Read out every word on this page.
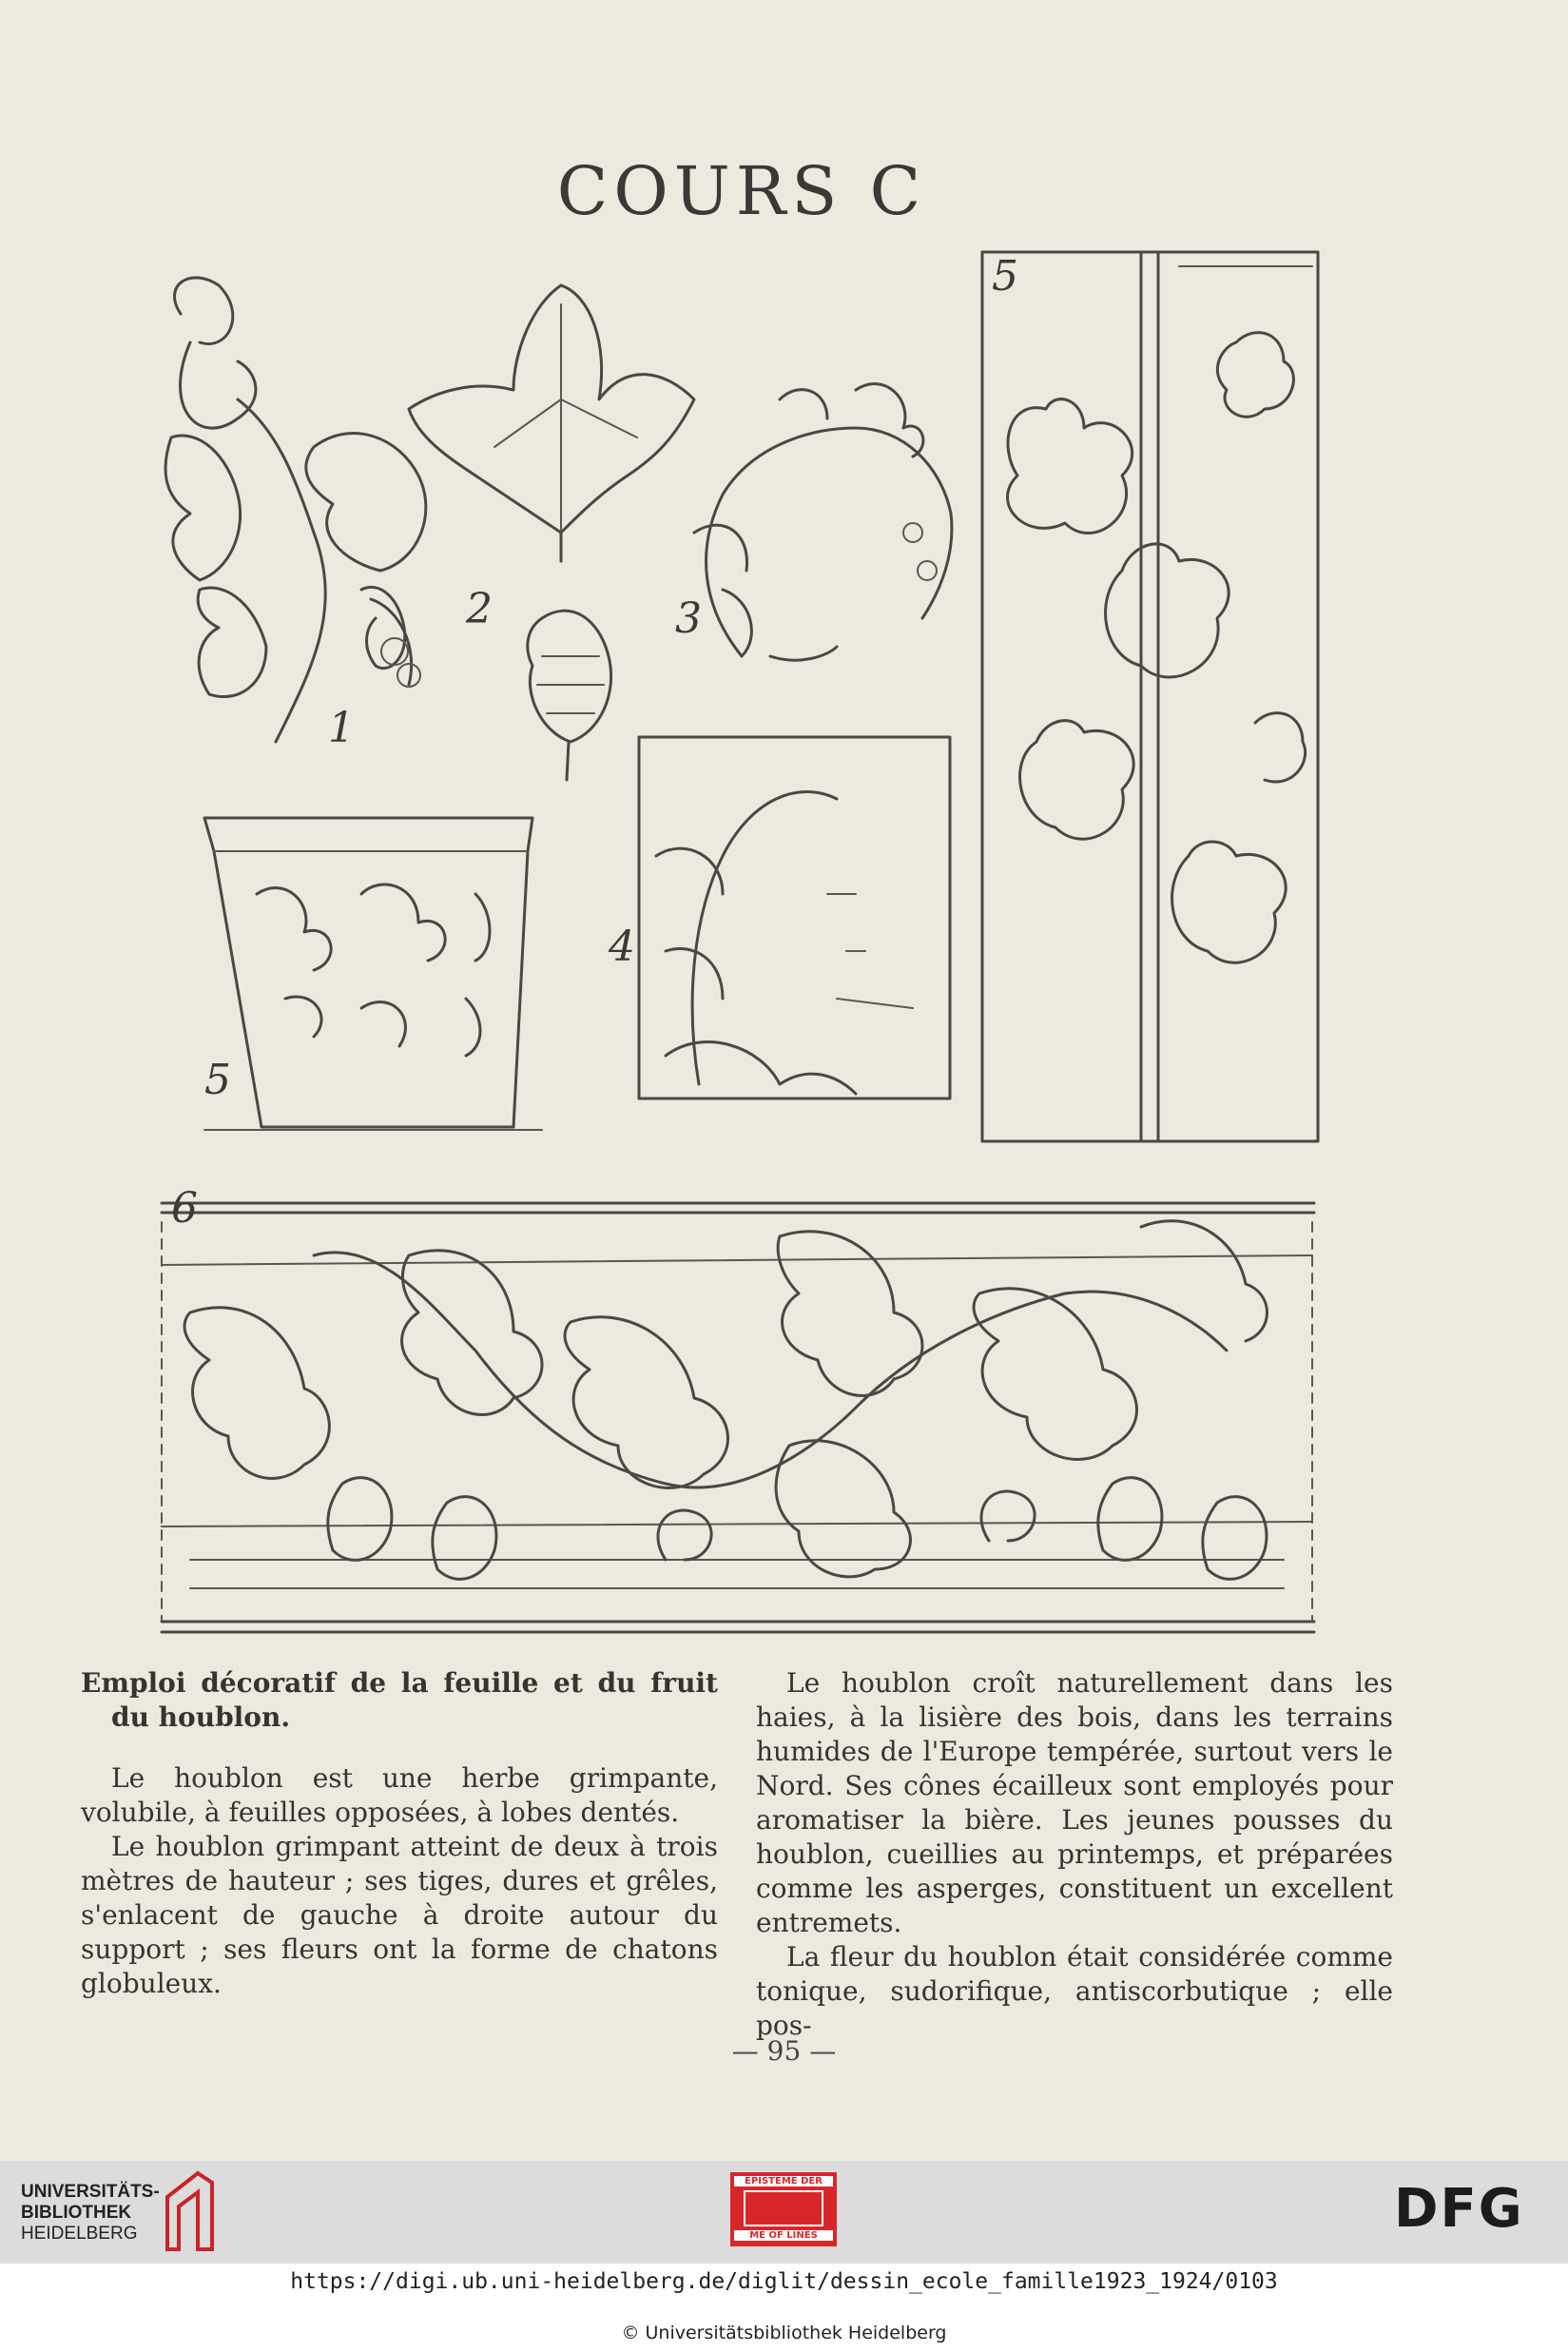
COURS C
1
2	3
4
5
5
6

Emploi décoratif de la feuille et du fruit du houblon.

Le houblon est une herbe grimpante, volubile, à feuilles opposées, à lobes dentés.

Le houblon grimpant atteint de deux à trois mètres de hauteur ; ses tiges, dures et grêles, s'enlacent de gauche à droite autour du support ; ses fleurs ont la forme de chatons globuleux.

Le houblon croît naturellement dans les haies, à la lisière des bois, dans les terrains humides de l'Europe tempérée, surtout vers le Nord. Ses cônes écailleux sont employés pour aromatiser la bière. Les jeunes pousses du houblon, cueillies au printemps, et préparées comme les asperges, constituent un excellent entremets.

La fleur du houblon était considérée comme tonique, sudorifique, antiscorbutique ; elle pos-

— 95 —
UNIVERSITÄTS-
BIBLIOTHEK
HEIDELBERG
EPISTEME DER
ME OF LINES	DFG
https://digi.ub.uni-heidelberg.de/diglit/dessin_ecole_famille1923_1924/0103
© Universitätsbibliothek Heidelberg
